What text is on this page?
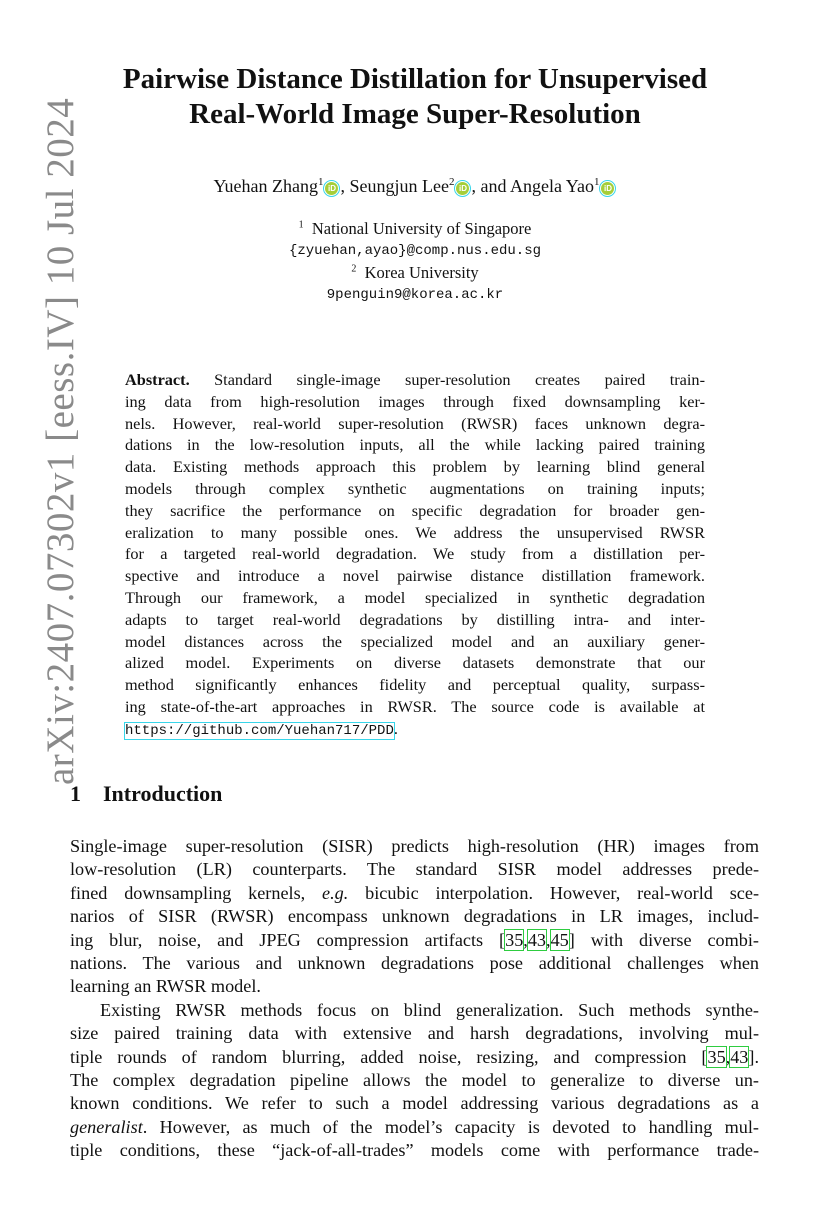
arXiv:2407.07302v1 [eess.IV] 10 Jul 2024
Pairwise Distance Distillation for Unsupervised
Real-World Image Super-Resolution
Yuehan Zhang$^1$iD , Seungjun Lee$^2$iD , and Angela Yao$^1$iD
$^1$ National University of Singapore
{zyuehan,ayao}@comp.nus.edu.sg
$^2$ Korea University
9penguin9@korea.ac.kr
Abstract. Standard single-image super-resolution creates paired train-
ing data from high-resolution images through fixed downsampling ker-
nels. However, real-world super-resolution (RWSR) faces unknown degra-
dations in the low-resolution inputs, all the while lacking paired training
data. Existing methods approach this problem by learning blind general
models through complex synthetic augmentations on training inputs;
they sacrifice the performance on specific degradation for broader gen-
eralization to many possible ones. We address the unsupervised RWSR
for a targeted real-world degradation. We study from a distillation per-
spective and introduce a novel pairwise distance distillation framework.
Through our framework, a model specialized in synthetic degradation
adapts to target real-world degradations by distilling intra- and inter-
model distances across the specialized model and an auxiliary gener-
alized model. Experiments on diverse datasets demonstrate that our
method significantly enhances fidelity and perceptual quality, surpass-
ing state-of-the-art approaches in RWSR. The source code is available at
https://github.com/Yuehan717/PDD.
1 Introduction
Single-image super-resolution (SISR) predicts high-resolution (HR) images from
low-resolution (LR) counterparts. The standard SISR model addresses prede-
fined downsampling kernels, e.g. bicubic interpolation. However, real-world sce-
narios of SISR (RWSR) encompass unknown degradations in LR images, includ-
ing blur, noise, and JPEG compression artifacts [35,43,45] with diverse combi-
nations. The various and unknown degradations pose additional challenges when
learning an RWSR model.
Existing RWSR methods focus on blind generalization. Such methods synthe-
size paired training data with extensive and harsh degradations, involving mul-
tiple rounds of random blurring, added noise, resizing, and compression [35,43].
The complex degradation pipeline allows the model to generalize to diverse un-
known conditions. We refer to such a model addressing various degradations as a
generalist. However, as much of the model’s capacity is devoted to handling mul-
tiple conditions, these “jack-of-all-trades” models come with performance trade-
